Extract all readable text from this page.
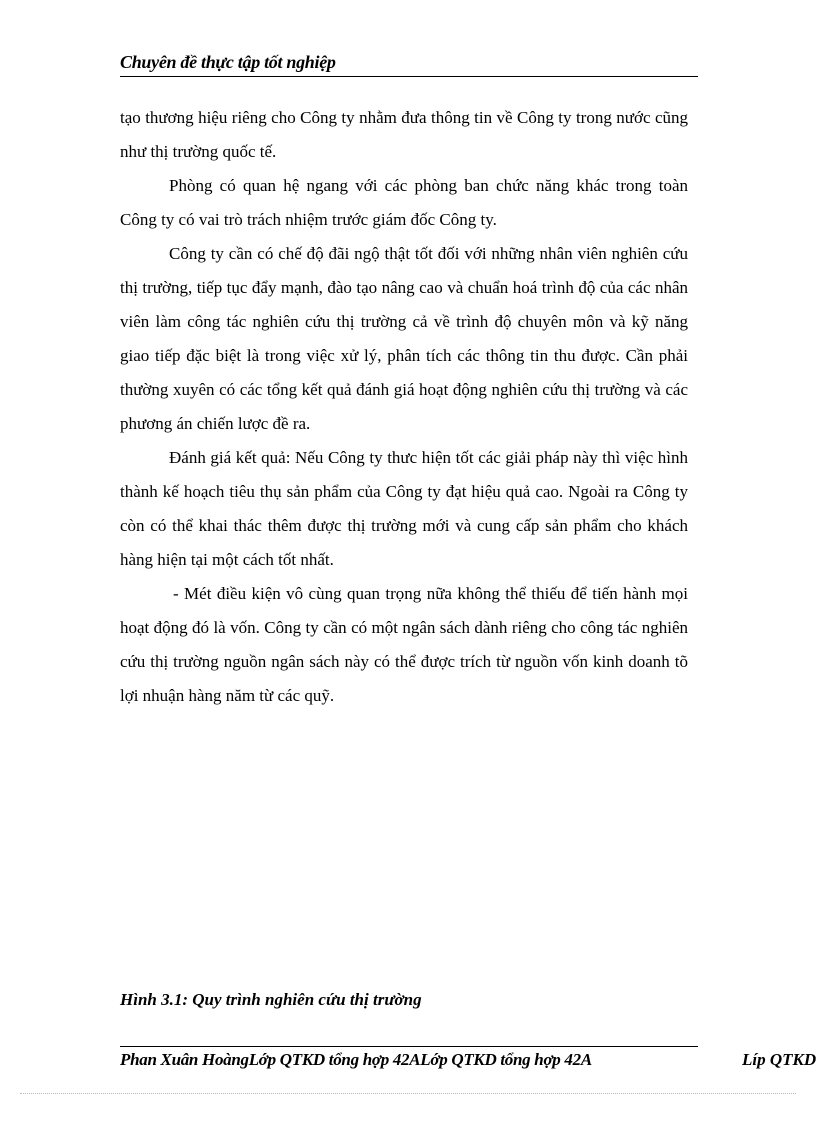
Chuyên đề thực tập tốt nghiệp

tạo thương hiệu riêng cho Công ty nhằm đưa thông tin về Công ty trong nước cũng như thị trường quốc tế.

Phòng có quan hệ ngang với các phòng ban chức năng khác trong toàn Công ty có vai trò trách nhiệm trước giám đốc Công ty.

Công ty cần có chế độ đãi ngộ thật tốt đối với những nhân viên nghiên cứu thị trường, tiếp tục đẩy mạnh, đào tạo nâng cao và chuẩn hoá trình độ của các nhân viên làm công tác nghiên cứu thị trường cả về trình độ chuyên môn và kỹ năng giao tiếp đặc biệt là trong việc xử lý, phân tích các thông tin thu được. Cần phải thường xuyên có các tổng kết quả đánh giá hoạt động nghiên cứu thị trường và các phương án chiến lược đề ra.

Đánh giá kết quả: Nếu Công ty thưc hiện tốt các giải pháp này thì việc hình thành kế hoạch tiêu thụ sản phẩm của Công ty đạt hiệu quả cao. Ngoài ra Công ty còn có thể khai thác thêm được thị trường mới và cung cấp sản phẩm cho khách hàng hiện tại một cách tốt nhất.

- Mét điều kiện vô cùng quan trọng nữa không thể thiếu để tiến hành mọi hoạt động đó là vốn. Công ty cần có một ngân sách dành riêng cho công tác nghiên cứu thị trường nguồn ngân sách này có thể được trích từ nguồn vốn kinh doanh tõ lợi nhuận hàng năm từ các quỹ.

Hình 3.1: Quy trình nghiên cứu thị trường
Phan Xuân HoàngLớp QTKD tổng hợp 42ALớp QTKD tổng hợp 42A	Líp QTKD
